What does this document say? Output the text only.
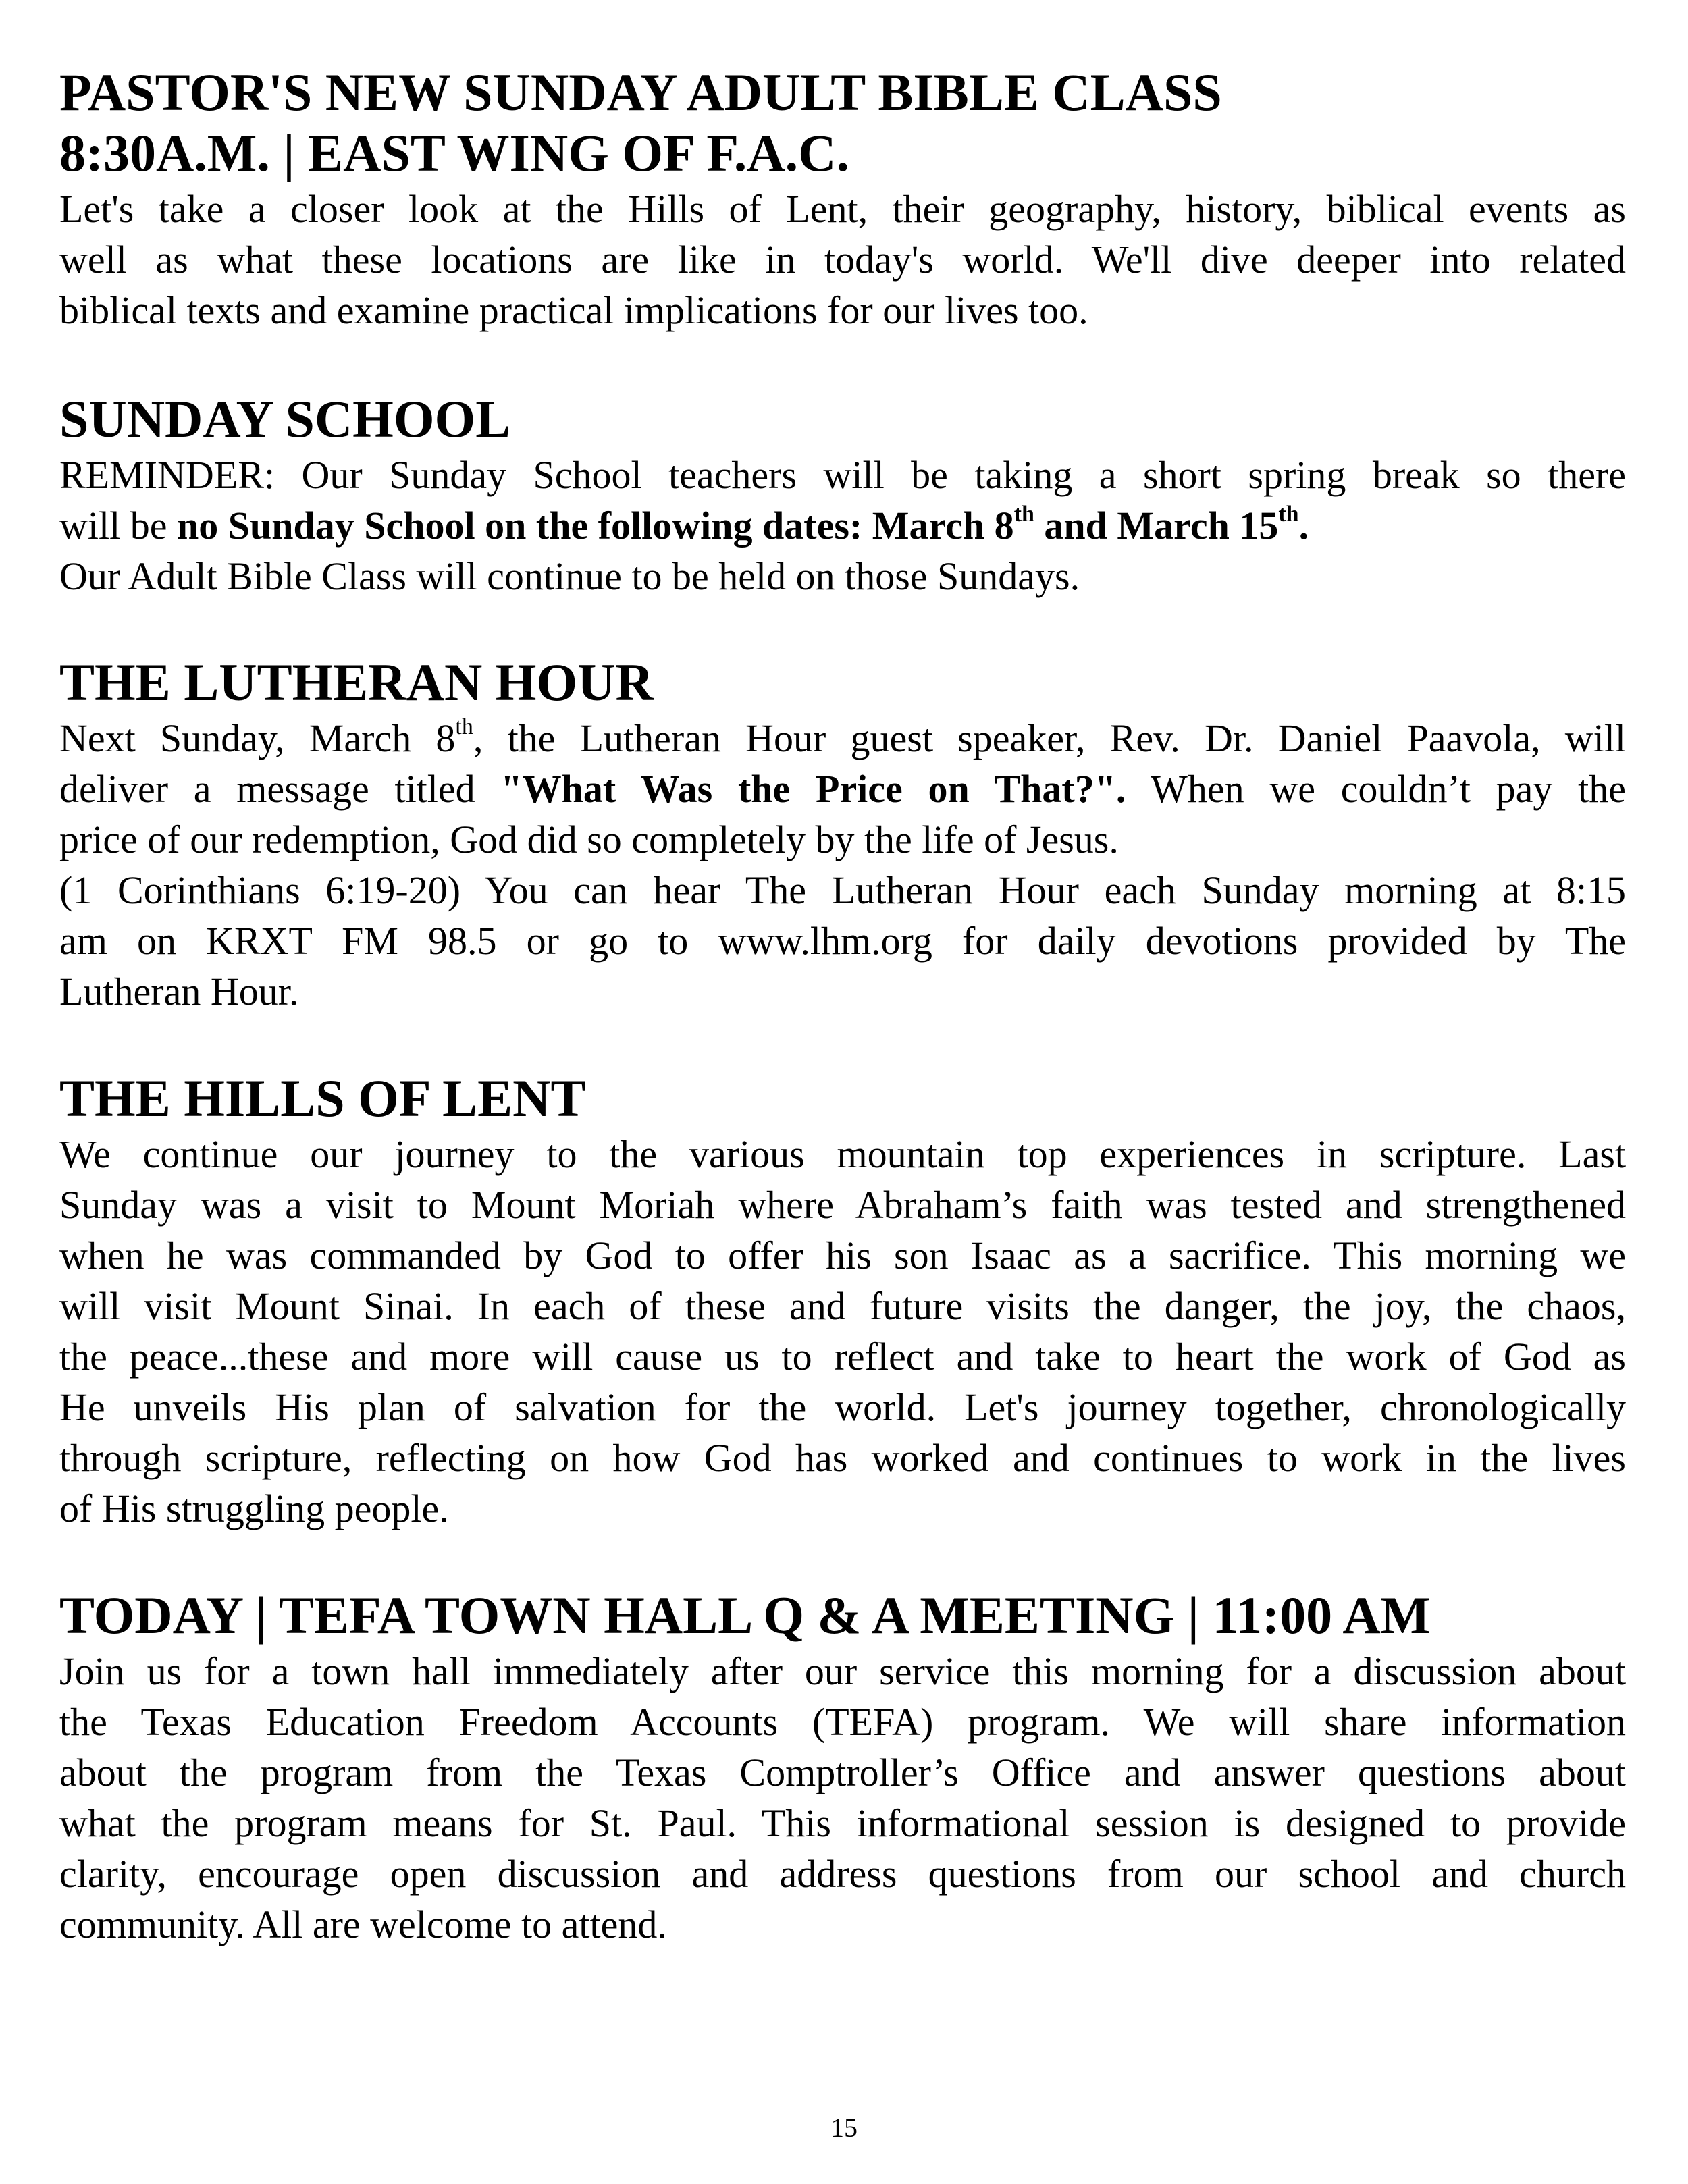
PASTOR'S NEW SUNDAY ADULT BIBLE CLASS
8:30A.M. | EAST WING OF F.A.C.
Let's take a closer look at the Hills of Lent, their geography, history, biblical events as
well as what these locations are like in today's world. We'll dive deeper into related
biblical texts and examine practical implications for our lives too.
SUNDAY SCHOOL
REMINDER: Our Sunday School teachers will be taking a short spring break so there
will be no Sunday School on the following dates: March 8th and March 15th.
Our Adult Bible Class will continue to be held on those Sundays.
THE LUTHERAN HOUR
Next Sunday, March 8th, the Lutheran Hour guest speaker, Rev. Dr. Daniel Paavola, will
deliver a message titled "What Was the Price on That?". When we couldn’t pay the
price of our redemption, God did so completely by the life of Jesus.
(1 Corinthians 6:19-20) You can hear The Lutheran Hour each Sunday morning at 8:15
am on KRXT FM 98.5 or go to www.lhm.org for daily devotions provided by The
Lutheran Hour.
THE HILLS OF LENT
We continue our journey to the various mountain top experiences in scripture. Last
Sunday was a visit to Mount Moriah where Abraham’s faith was tested and strengthened
when he was commanded by God to offer his son Isaac as a sacrifice. This morning we
will visit Mount Sinai. In each of these and future visits the danger, the joy, the chaos,
the peace...these and more will cause us to reflect and take to heart the work of God as
He unveils His plan of salvation for the world. Let's journey together, chronologically
through scripture, reflecting on how God has worked and continues to work in the lives
of His struggling people.
TODAY | TEFA TOWN HALL Q & A MEETING | 11:00 AM
Join us for a town hall immediately after our service this morning for a discussion about
the Texas Education Freedom Accounts (TEFA) program. We will share information
about the program from the Texas Comptroller’s Office and answer questions about
what the program means for St. Paul. This informational session is designed to provide
clarity, encourage open discussion and address questions from our school and church
community. All are welcome to attend.
15
